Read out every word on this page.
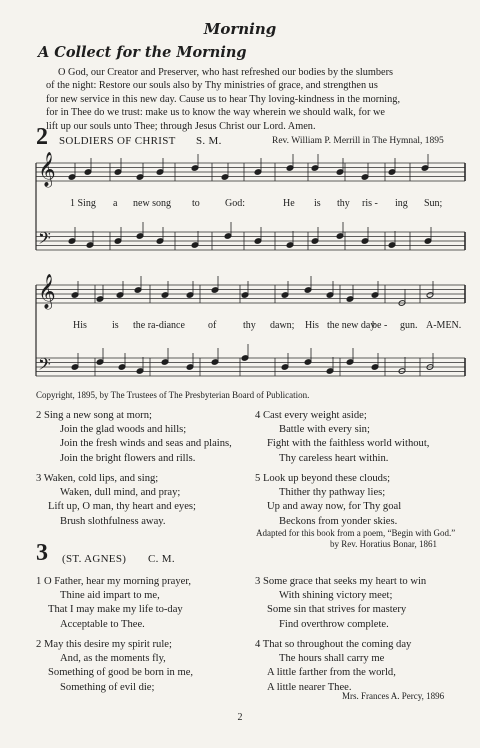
Morning
A Collect for the Morning
O God, our Creator and Preserver, who hast refreshed our bodies by the slumbers
of the night: Restore our souls also by Thy ministries of grace, and strengthen us
for new service in this new day. Cause us to hear Thy loving-kindness in the morning,
for in Thee do we trust: make us to know the way wherein we should walk, for we
lift up our souls unto Thee; through Jesus Christ our Lord. Amen.
2 SOLDIERS OF CHRIST S. M.	Rev. William P. Merrill in The Hymnal, 1895
𝄞
𝄢
𝄞
𝄢
1 Sing a new song to	God:	He is thy ris - ing Sun;
His	is the ra-diance of	thy dawn; His the new day
be - gun. A-MEN.
Copyright, 1895, by The Trustees of The Presbyterian Board of Publication.
2 Sing a new song at morn;
Join the glad woods and hills;
Join the fresh winds and seas and plains,
Join the bright flowers and rills.
3 Waken, cold lips, and sing;
Waken, dull mind, and pray;
Lift up, O man, thy heart and eyes;
Brush slothfulness away.
4 Cast every weight aside;
Battle with every sin;
Fight with the faithless world without,
Thy careless heart within.
5 Look up beyond these clouds;
Thither thy pathway lies;
Up and away now, for Thy goal
Beckons from yonder skies.
Adapted for this book from a poem, “Begin with God.”
by Rev. Horatius Bonar, 1861
3 (ST. AGNES) C. M.
1 O Father, hear my morning prayer,
Thine aid impart to me,
That I may make my life to-day
Acceptable to Thee.
2 May this desire my spirit rule;
And, as the moments fly,
Something of good be born in me,
Something of evil die;
3 Some grace that seeks my heart to win
With shining victory meet;
Some sin that strives for mastery
Find overthrow complete.
4 That so throughout the coming day
The hours shall carry me
A little farther from the world,
A little nearer Thee.
Mrs. Frances A. Percy, 1896
2
